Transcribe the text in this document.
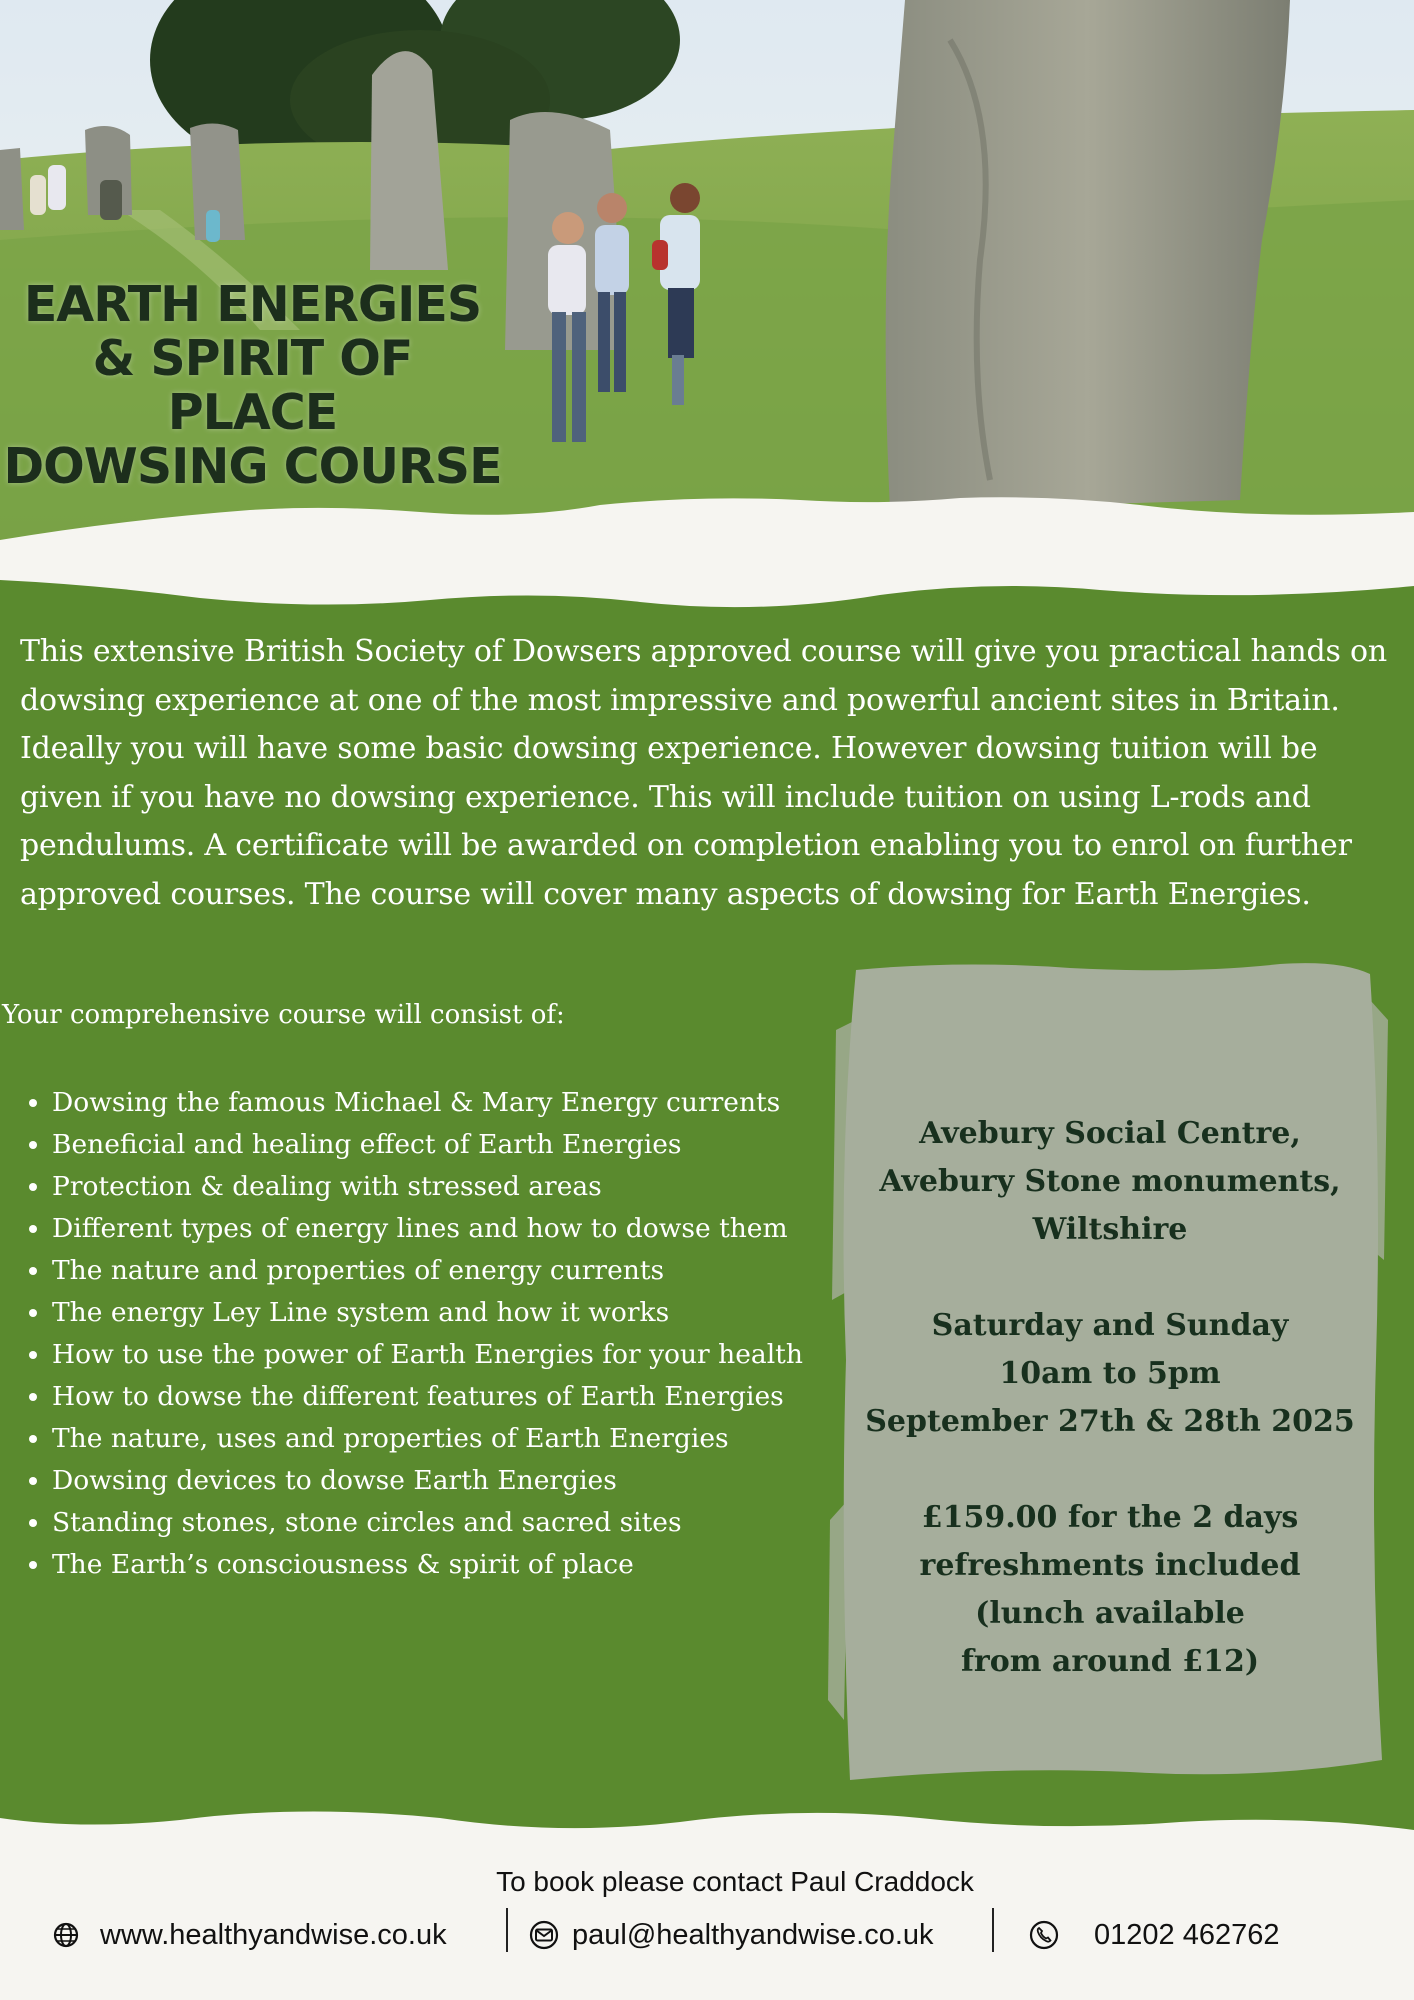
EARTH ENERGIES
& SPIRIT OF PLACE
DOWSING COURSE

This extensive British Society of Dowsers approved course will give you practical hands on dowsing experience at one of the most impressive and powerful ancient sites in Britain. Ideally you will have some basic dowsing experience. However dowsing tuition will be given if you have no dowsing experience. This will include tuition on using L-rods and pendulums. A certificate will be awarded on completion enabling you to enrol on further approved courses. The course will cover many aspects of dowsing for Earth Energies.

Your comprehensive course will consist of:

• Dowsing the famous Michael & Mary Energy currents
• Beneficial and healing effect of Earth Energies
• Protection & dealing with stressed areas
• Different types of energy lines and how to dowse them
• The nature and properties of energy currents
• The energy Ley Line system and how it works
• How to use the power of Earth Energies for your health
• How to dowse the different features of Earth Energies
• The nature, uses and properties of Earth Energies
• Dowsing devices to dowse Earth Energies
• Standing stones, stone circles and sacred sites
• The Earth’s consciousness & spirit of place

Avebury Social Centre,
Avebury Stone monuments,
Wiltshire

Saturday and Sunday
10am to 5pm
September 27th & 28th 2025

£159.00 for the 2 days
refreshments included
(lunch available
from around £12)

To book please contact Paul Craddock
www.healthyandwise.co.uk	paul@healthyandwise.co.uk	01202 462762
